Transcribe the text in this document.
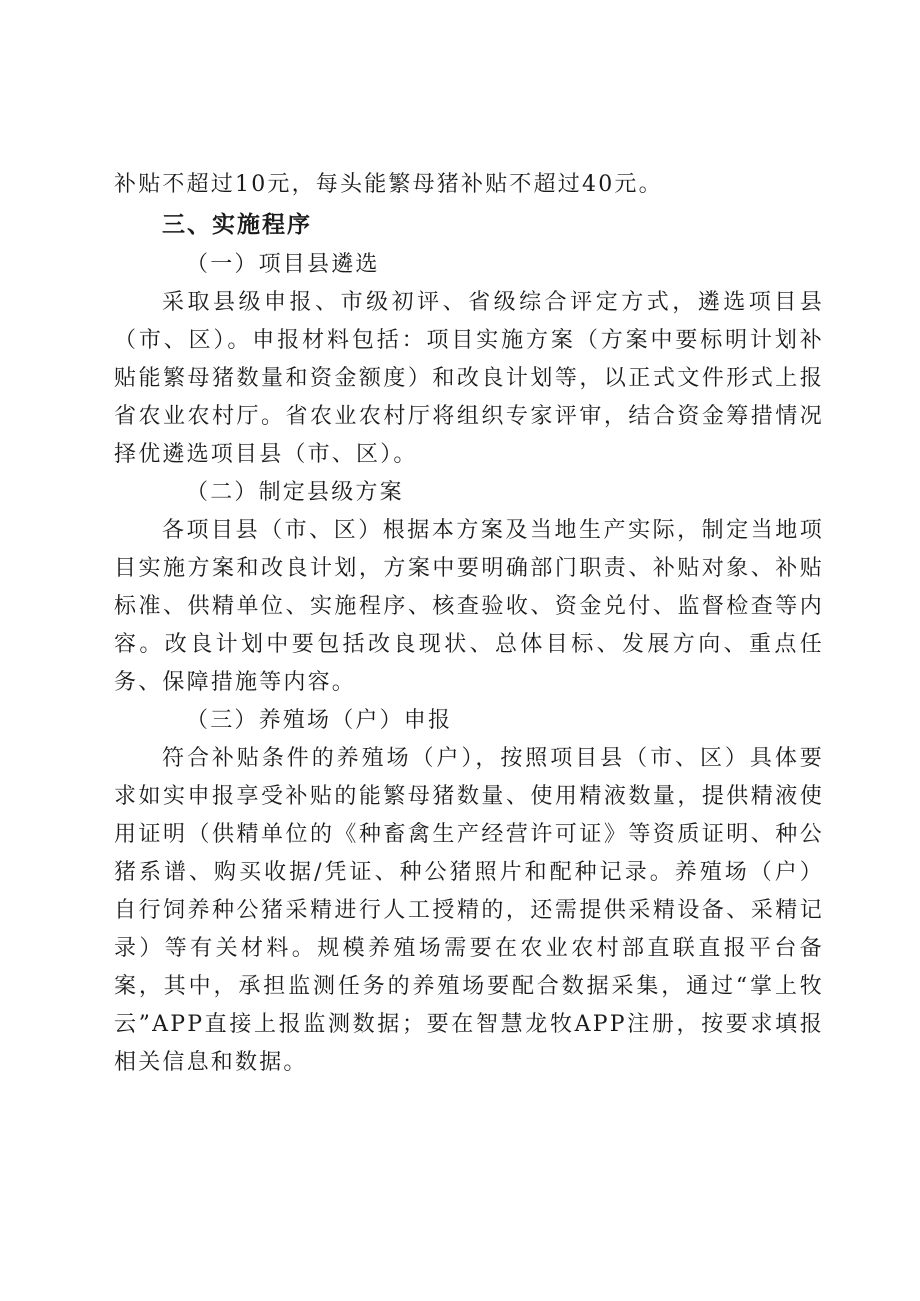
补贴不超过10元，每头能繁母猪补贴不超过40元。

三、实施程序

（一）项目县遴选

采取县级申报、市级初评、省级综合评定方式，遴选项目县（市、区）。申报材料包括：项目实施方案（方案中要标明计划补贴能繁母猪数量和资金额度）和改良计划等，以正式文件形式上报省农业农村厅。省农业农村厅将组织专家评审，结合资金筹措情况择优遴选项目县（市、区）。

（二）制定县级方案

各项目县（市、区）根据本方案及当地生产实际，制定当地项目实施方案和改良计划，方案中要明确部门职责、补贴对象、补贴标准、供精单位、实施程序、核查验收、资金兑付、监督检查等内容。改良计划中要包括改良现状、总体目标、发展方向、重点任务、保障措施等内容。

（三）养殖场（户）申报

符合补贴条件的养殖场（户），按照项目县（市、区）具体要求如实申报享受补贴的能繁母猪数量、使用精液数量，提供精液使用证明（供精单位的《种畜禽生产经营许可证》等资质证明、种公猪系谱、购买收据/凭证、种公猪照片和配种记录。养殖场（户）自行饲养种公猪采精进行人工授精的，还需提供采精设备、采精记录）等有关材料。规模养殖场需要在农业农村部直联直报平台备案，其中，承担监测任务的养殖场要配合数据采集，通过“掌上牧云”APP直接上报监测数据；要在智慧龙牧APP注册，按要求填报相关信息和数据。
